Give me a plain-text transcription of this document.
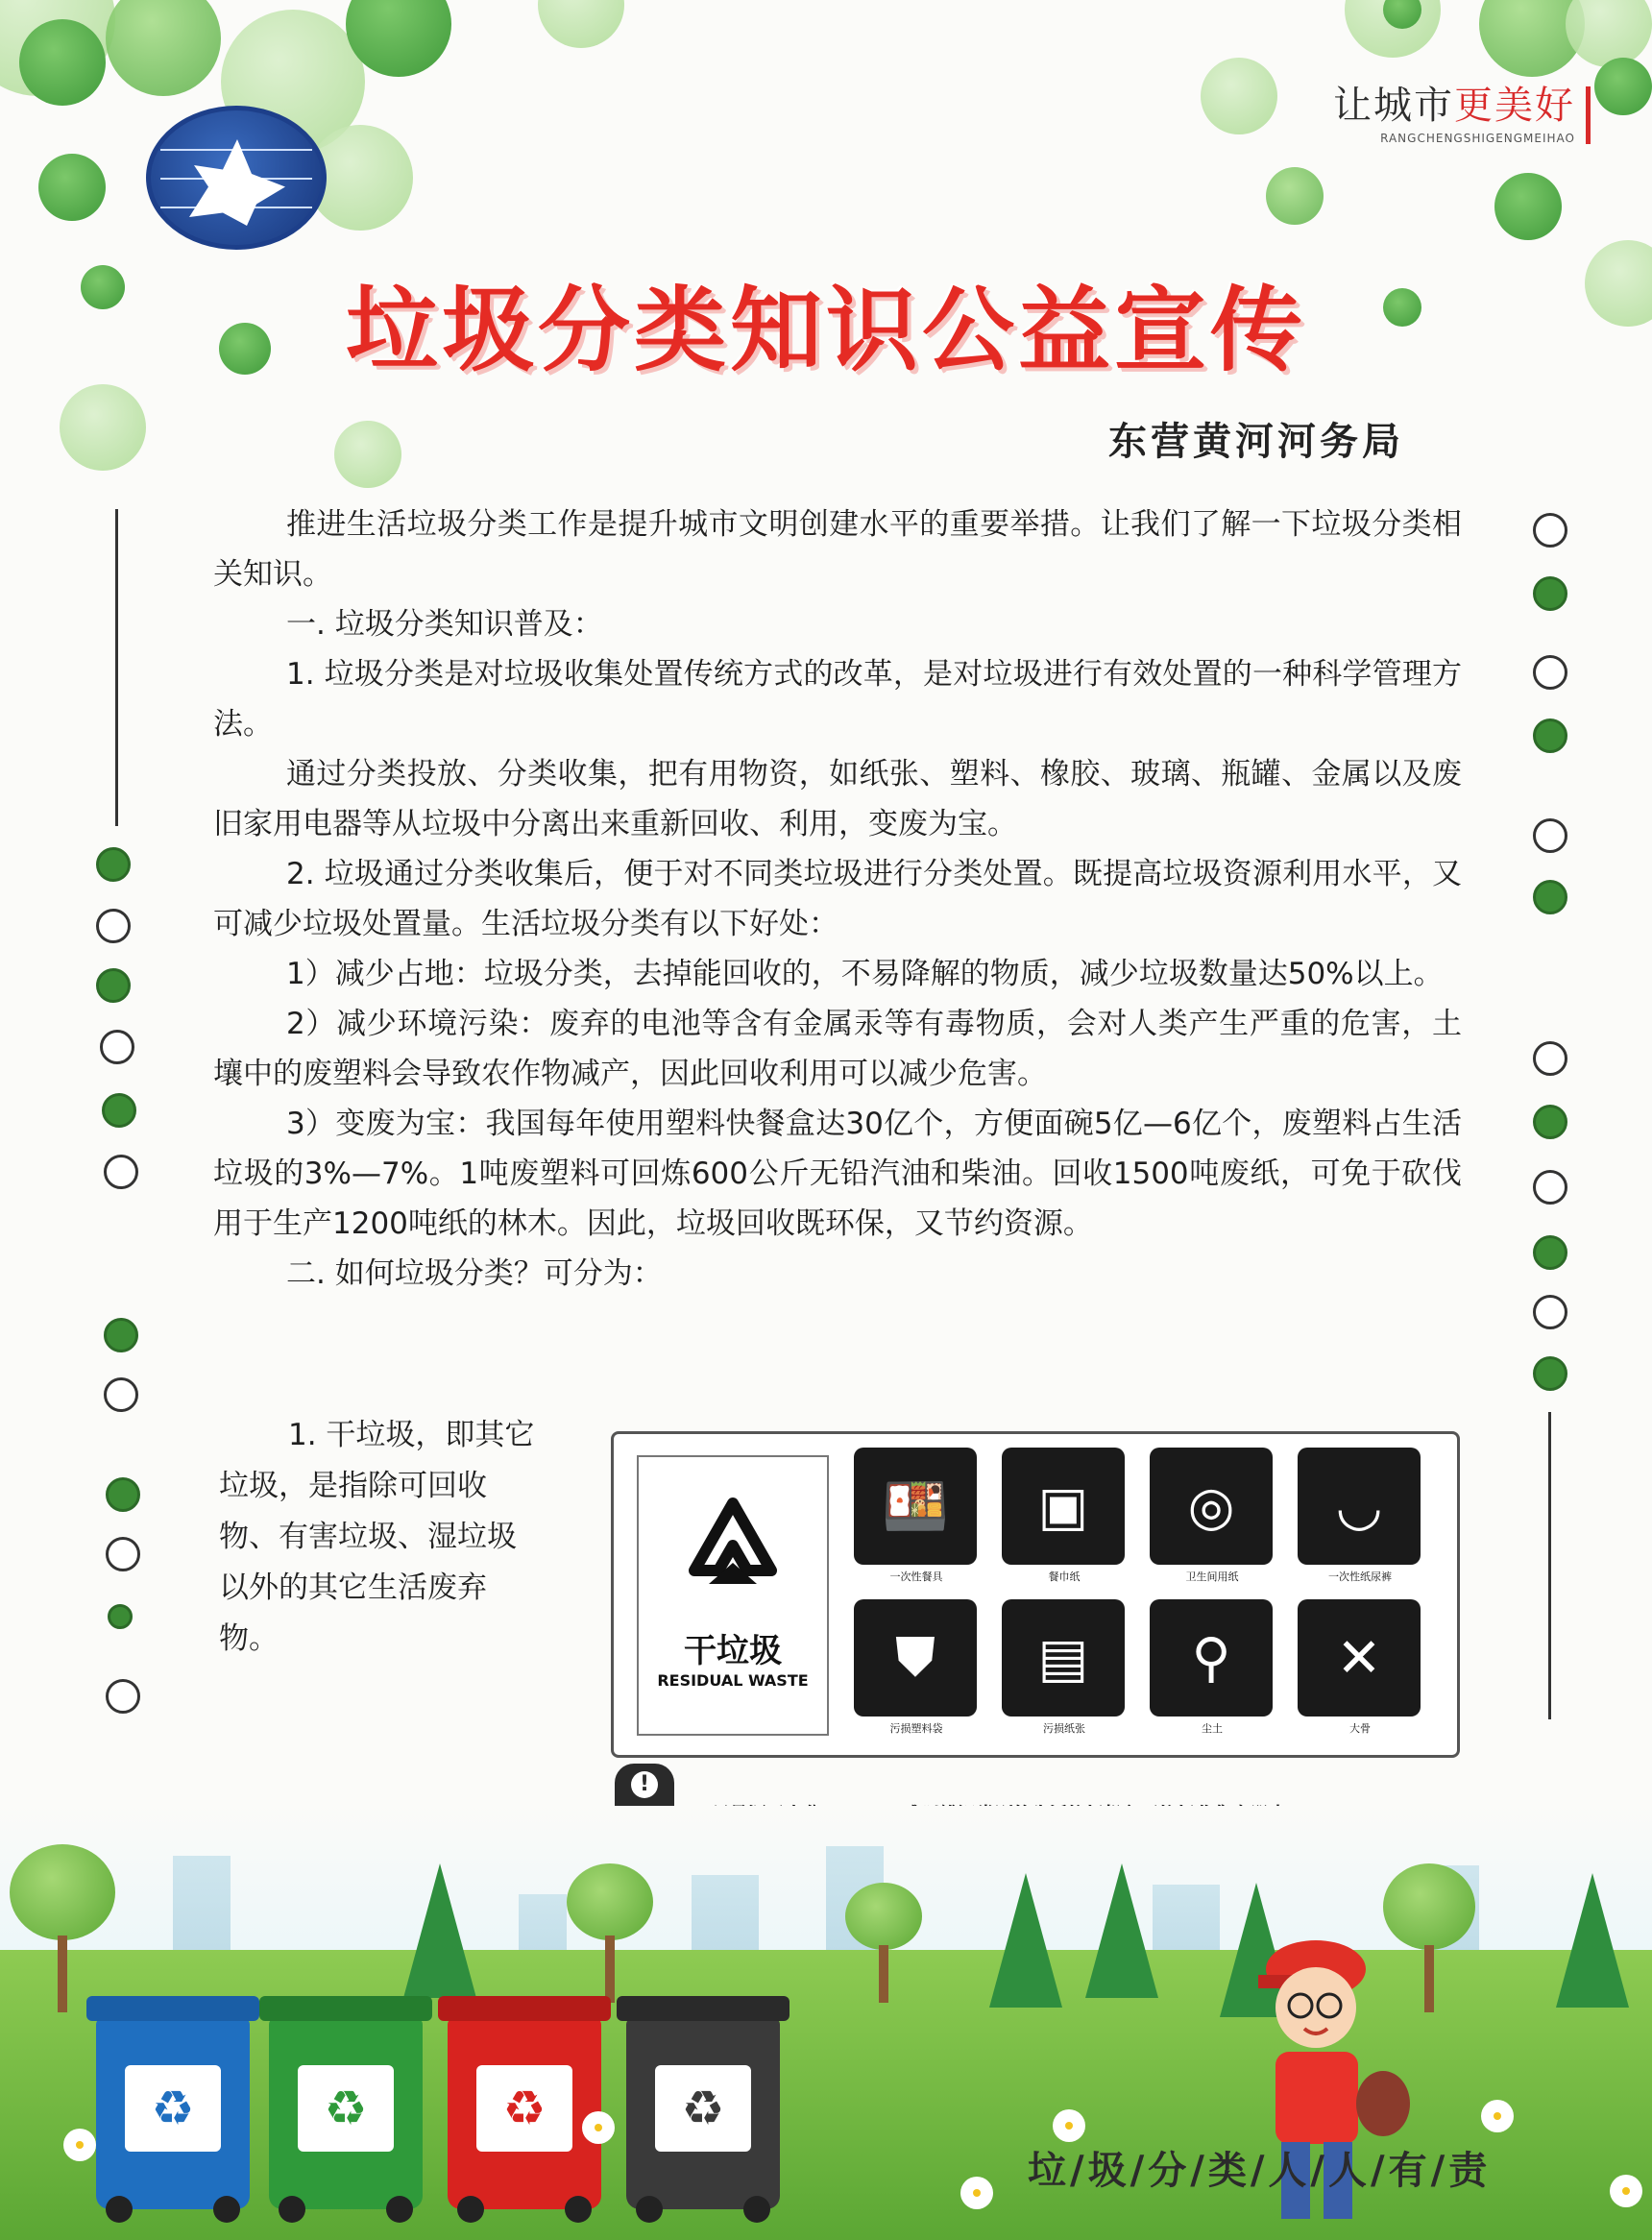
让城市更美好
RANGCHENGSHIGENGMEIHAO
垃圾分类知识公益宣传
东营黄河河务局

推进生活垃圾分类工作是提升城市文明创建水平的重要举措。让我们了解一下垃圾分类相关知识。

一. 垃圾分类知识普及：

1. 垃圾分类是对垃圾收集处置传统方式的改革，是对垃圾进行有效处置的一种科学管理方法。

通过分类投放、分类收集，把有用物资，如纸张、塑料、橡胶、玻璃、瓶罐、金属以及废旧家用电器等从垃圾中分离出来重新回收、利用，变废为宝。

2. 垃圾通过分类收集后，便于对不同类垃圾进行分类处置。既提高垃圾资源利用水平，又可减少垃圾处置量。生活垃圾分类有以下好处：

1）减少占地：垃圾分类，去掉能回收的，不易降解的物质，减少垃圾数量达50%以上。

2）减少环境污染：废弃的电池等含有金属汞等有毒物质，会对人类产生严重的危害，土壤中的废塑料会导致农作物减产，因此回收利用可以减少危害。

3）变废为宝：我国每年使用塑料快餐盒达30亿个，方便面碗5亿—6亿个，废塑料占生活垃圾的3%—7%。1吨废塑料可回炼600公斤无铅汽油和柴油。回收1500吨废纸，可免于砍伐用于生产1200吨纸的林木。因此，垃圾回收既环保，又节约资源。

二. 如何垃圾分类？可分为：

1. 干垃圾，即其它垃圾，是指除可回收物、有害垃圾、湿垃圾以外的其它生活废弃物。	干垃圾
RESIDUAL WASTE
🍱
一次性餐具
▣
餐巾纸
◎
卫生间用纸
◡
一次性纸尿裤
⛊
污损塑料袋
▤
污损纸张
⚲
尘土
✕
大骨
!
♻	♻	♻	♻
垃/圾/分/类/人/人/有/责
